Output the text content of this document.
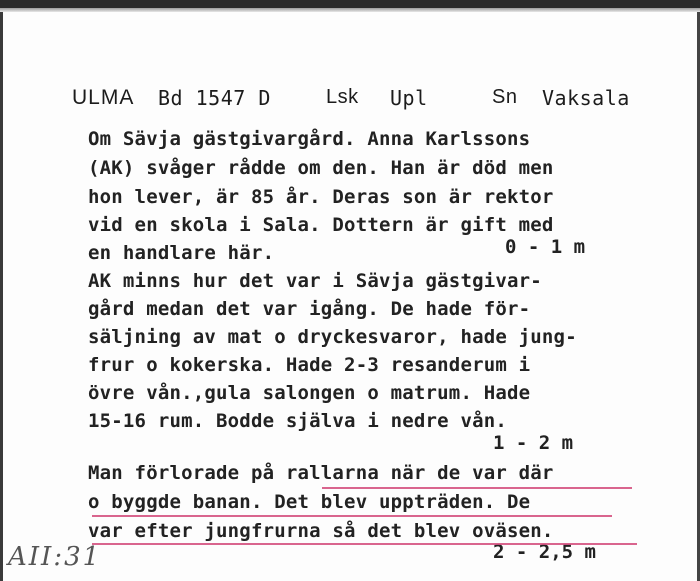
ULMA Bd 1547 D	Lsk Upl	Sn Vaksala
Om Sävja gästgivargård. Anna Karlssons
(AK) svåger rådde om den. Han är död men
hon lever, är 85 år. Deras son är rektor
vid en skola i Sala. Dottern är gift med
en handlare här.	0 - 1 m
AK minns hur det var i Sävja gästgivar-
gård medan det var igång. De hade för-
säljning av mat o dryckesvaror, hade jung-
frur o kokerska. Hade 2-3 resanderum i
övre vån.,gula salongen o matrum. Hade
15-16 rum. Bodde själva i nedre vån.
1 - 2 m
Man förlorade på rallarna när de var där
o byggde banan. Det blev uppträden. De
var efter jungfrurna så det blev oväsen.
2 - 2,5 m
AII:31
